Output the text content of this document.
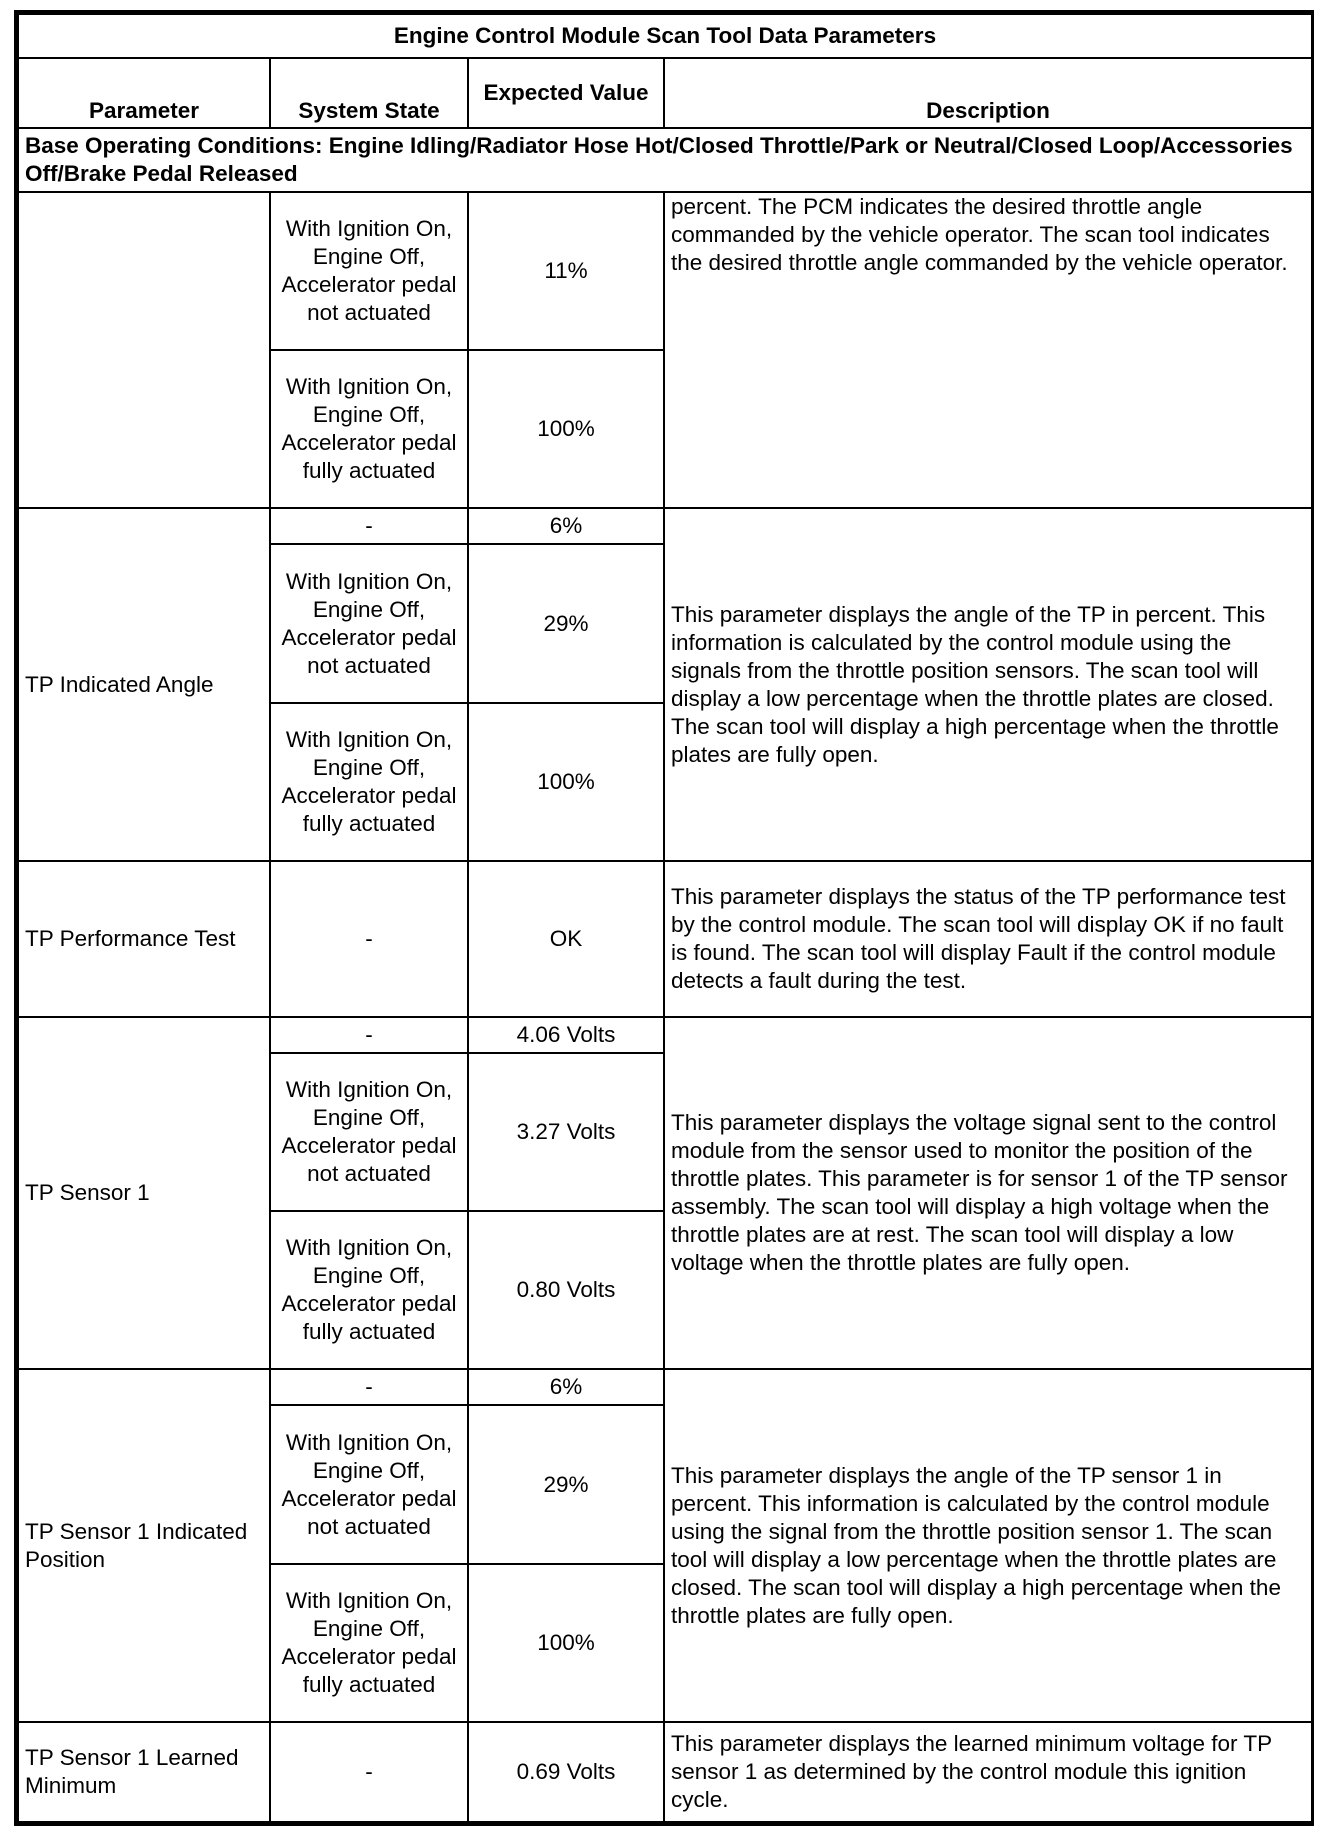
Engine Control Module Scan Tool Data Parameters			
Parameter	System State	Expected Value	Description
Base Operating Conditions: Engine Idling/Radiator Hose Hot/Closed Throttle/Park or Neutral/Closed Loop/Accessories Off/Brake Pedal Released			
	With Ignition On, Engine Off, Accelerator pedal not actuated	11%	percent. The PCM indicates the desired throttle angle commanded by the vehicle operator. The scan tool indicates the desired throttle angle commanded by the vehicle operator.
	With Ignition On, Engine Off, Accelerator pedal fully actuated	100%	
TP Indicated Angle	-	6%	This parameter displays the angle of the TP in percent. This information is calculated by the control module using the signals from the throttle position sensors. The scan tool will display a low percentage when the throttle plates are closed. The scan tool will display a high percentage when the throttle plates are fully open.
	With Ignition On, Engine Off, Accelerator pedal not actuated	29%	
	With Ignition On, Engine Off, Accelerator pedal fully actuated	100%	
TP Performance Test	-	OK	This parameter displays the status of the TP performance test by the control module. The scan tool will display OK if no fault is found. The scan tool will display Fault if the control module detects a fault during the test.
TP Sensor 1	-	4.06 Volts	This parameter displays the voltage signal sent to the control module from the sensor used to monitor the position of the throttle plates. This parameter is for sensor 1 of the TP sensor assembly. The scan tool will display a high voltage when the throttle plates are at rest. The scan tool will display a low voltage when the throttle plates are fully open.
	With Ignition On, Engine Off, Accelerator pedal not actuated	3.27 Volts	
	With Ignition On, Engine Off, Accelerator pedal fully actuated	0.80 Volts	
TP Sensor 1 Indicated Position	-	6%	This parameter displays the angle of the TP sensor 1 in percent. This information is calculated by the control module using the signal from the throttle position sensor 1. The scan tool will display a low percentage when the throttle plates are closed. The scan tool will display a high percentage when the throttle plates are fully open.
	With Ignition On, Engine Off, Accelerator pedal not actuated	29%	
	With Ignition On, Engine Off, Accelerator pedal fully actuated	100%	
TP Sensor 1 Learned Minimum	-	0.69 Volts	This parameter displays the learned minimum voltage for TP sensor 1 as determined by the control module this ignition cycle.
